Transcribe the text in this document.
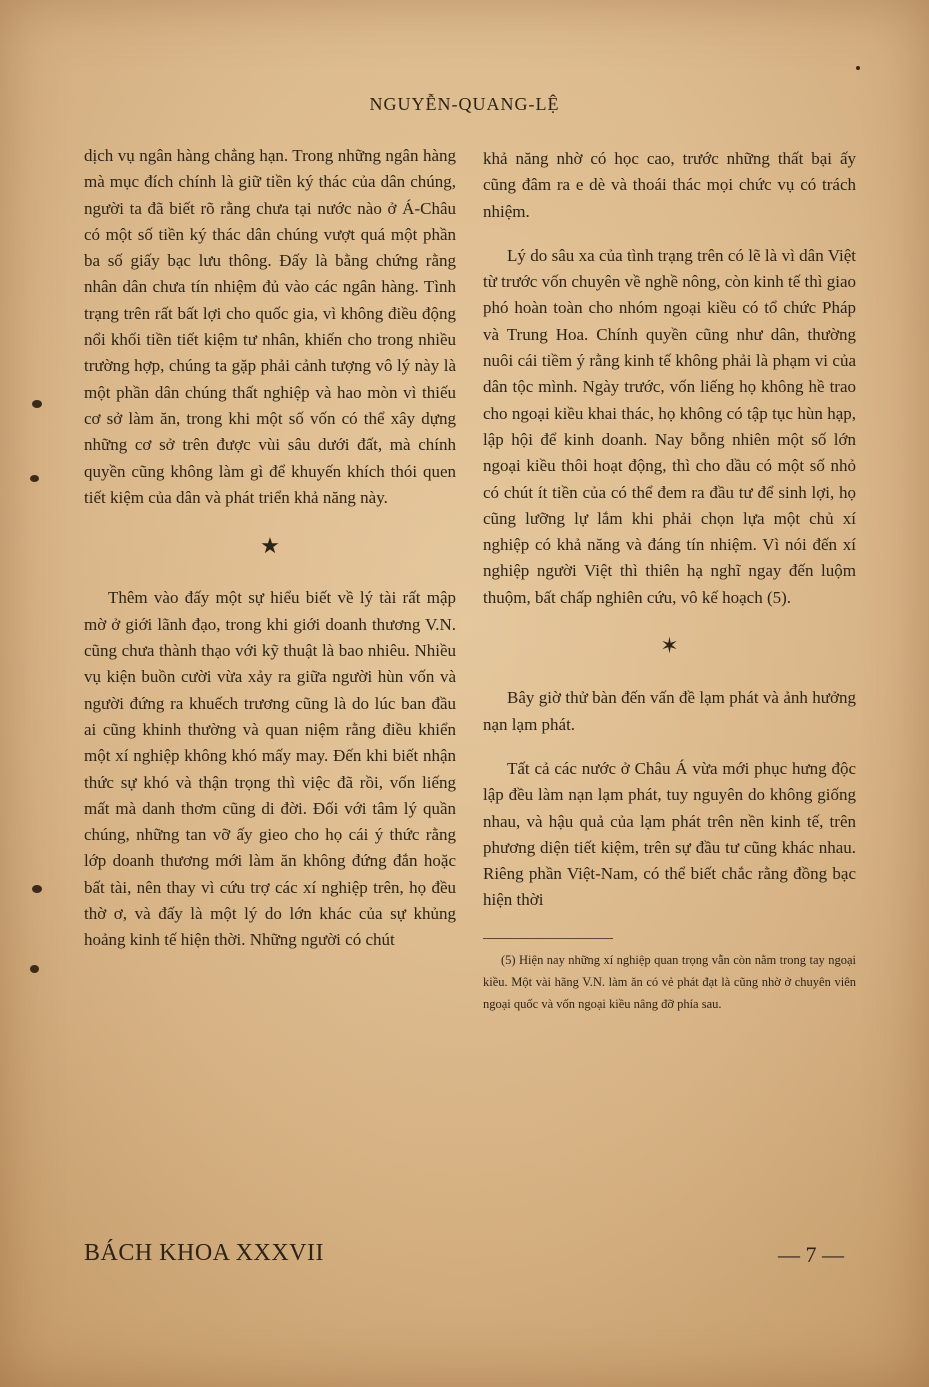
NGUYỄN-QUANG-LỆ

dịch vụ ngân hàng chẳng hạn. Trong những ngân hàng mà mục đích chính là giữ tiền ký thác của dân chúng, người ta đã biết rõ rằng chưa tại nước nào ở Á-Châu có một số tiền ký thác dân chúng vượt quá một phần ba số giấy bạc lưu thông. Đấy là bằng chứng rằng nhân dân chưa tín nhiệm đủ vào các ngân hàng. Tình trạng trên rất bất lợi cho quốc gia, vì không điều động nổi khối tiền tiết kiệm tư nhân, khiến cho trong nhiều trường hợp, chúng ta gặp phải cảnh tượng vô lý này là một phần dân chúng thất nghiệp và hao mòn vì thiếu cơ sở làm ăn, trong khi một số vốn có thể xây dựng những cơ sở trên được vùi sâu dưới đất, mà chính quyền cũng không làm gì để khuyến khích thói quen tiết kiệm của dân và phát triển khả năng này.

★

Thêm vào đấy một sự hiểu biết về lý tài rất mập mờ ở giới lãnh đạo, trong khi giới doanh thương V.N. cũng chưa thành thạo với kỹ thuật là bao nhiêu. Nhiều vụ kiện buồn cười vừa xảy ra giữa người hùn vốn và người đứng ra khuếch trương cũng là do lúc ban đầu ai cũng khinh thường và quan niệm rằng điều khiển một xí nghiệp không khó mấy may. Đến khi biết nhận thức sự khó và thận trọng thì việc đã rồi, vốn liếng mất mà danh thơm cũng di đời. Đối với tâm lý quần chúng, những tan vỡ ấy gieo cho họ cái ý thức rằng lớp doanh thương mới làm ăn không đứng đắn hoặc bất tài, nên thay vì cứu trợ các xí nghiệp trên, họ đều thờ ơ, và đấy là một lý do lớn khác của sự khủng hoảng kinh tế hiện thời. Những người có chút

khả năng nhờ có học cao, trước những thất bại ấy cũng đâm ra e dè và thoái thác mọi chức vụ có trách nhiệm.

Lý do sâu xa của tình trạng trên có lẽ là vì dân Việt từ trước vốn chuyên về nghề nông, còn kinh tế thì giao phó hoàn toàn cho nhóm ngoại kiều có tổ chức Pháp và Trung Hoa. Chính quyền cũng như dân, thường nuôi cái tiềm ý rằng kinh tế không phải là phạm vi của dân tộc mình. Ngày trước, vốn liếng họ không hề trao cho ngoại kiều khai thác, họ không có tập tục hùn hạp, lập hội để kinh doanh. Nay bỗng nhiên một số lớn ngoại kiều thôi hoạt động, thì cho dầu có một số nhỏ có chút ít tiền của có thể đem ra đầu tư để sinh lợi, họ cũng lưỡng lự lắm khi phải chọn lựa một chủ xí nghiệp có khả năng và đáng tín nhiệm. Vì nói đến xí nghiệp người Việt thì thiên hạ nghĩ ngay đến luộm thuộm, bất chấp nghiên cứu, vô kế hoạch (5).

✶

Bây giờ thử bàn đến vấn đề lạm phát và ảnh hưởng nạn lạm phát.

Tất cả các nước ở Châu Á vừa mới phục hưng độc lập đều làm nạn lạm phát, tuy nguyên do không giống nhau, và hậu quả của lạm phát trên nền kinh tế, trên phương diện tiết kiệm, trên sự đầu tư cũng khác nhau. Riêng phần Việt-Nam, có thể biết chắc rằng đồng bạc hiện thời

(5) Hiện nay những xí nghiệp quan trọng vẫn còn nằm trong tay ngoại kiều. Một vài hãng V.N. làm ăn có vẻ phát đạt là cũng nhờ ở chuyên viên ngoại quốc và vốn ngoại kiều nâng đỡ phía sau.

BÁCH KHOA XXXVII	— 7 —
